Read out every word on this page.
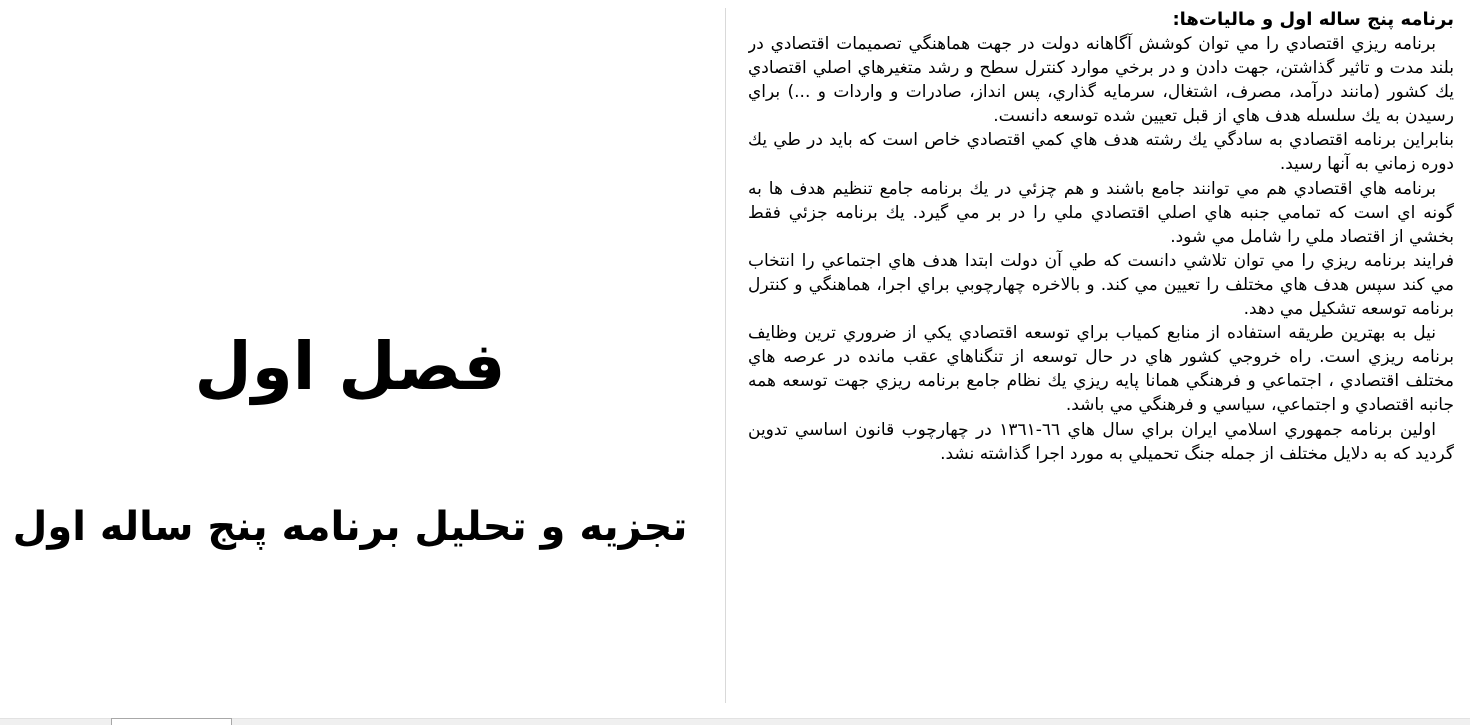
فصل اول
تجزيه و تحليل برنامه پنج ساله اول

برنامه پنج ساله اول و ماليات‌ها:

برنامه ريزي اقتصادي را مي توان كوشش آگاهانه دولت در جهت هماهنگي تصميمات اقتصادي در بلند مدت و تاثير گذاشتن، جهت دادن و در برخي موارد كنترل سطح و رشد متغيرهاي اصلي اقتصادي يك كشور (مانند درآمد، مصرف، اشتغال، سرمايه گذاري، پس انداز، صادرات و واردات و ...) براي رسيدن به يك سلسله هدف هاي از قبل تعيين شده توسعه دانست.

بنابراين برنامه اقتصادي به سادگي يك رشته هدف هاي كمي اقتصادي خاص است كه بايد در طي يك دوره زماني به آنها رسيد.

برنامه هاي اقتصادي هم مي توانند جامع باشند و هم چزئي در يك برنامه جامع تنظيم هدف ها به گونه اي است كه تمامي جنبه هاي اصلي اقتصادي ملي را در بر مي گيرد. يك برنامه جزئي فقط بخشي از اقتصاد ملي را شامل مي شود.

فرايند برنامه ريزي را مي توان تلاشي دانست كه طي آن دولت ابتدا هدف هاي اجتماعي را انتخاب مي كند سپس هدف هاي مختلف را تعيين مي كند. و بالاخره چهارچوبي براي اجرا، هماهنگي و كنترل برنامه توسعه تشكيل مي دهد.

نيل به بهترين طريقه استفاده از منابع كمياب براي توسعه اقتصادي يكي از ضروري ترين وظايف برنامه ريزي است. راه خروجي كشور هاي در حال توسعه از تنگناهاي عقب مانده در عرصه هاي مختلف اقتصادي ، اجتماعي و فرهنگي همانا پايه ريزي يك نظام جامع برنامه ريزي جهت توسعه همه جانبه اقتصادي و اجتماعي، سياسي و فرهنگي مي باشد.

اولين برنامه جمهوري اسلامي ايران براي سال هاي ٦٦-١٣٦١ در چهارچوب قانون اساسي تدوين گرديد كه به دلايل مختلف از جمله جنگ تحميلي به مورد اجرا گذاشته نشد.
